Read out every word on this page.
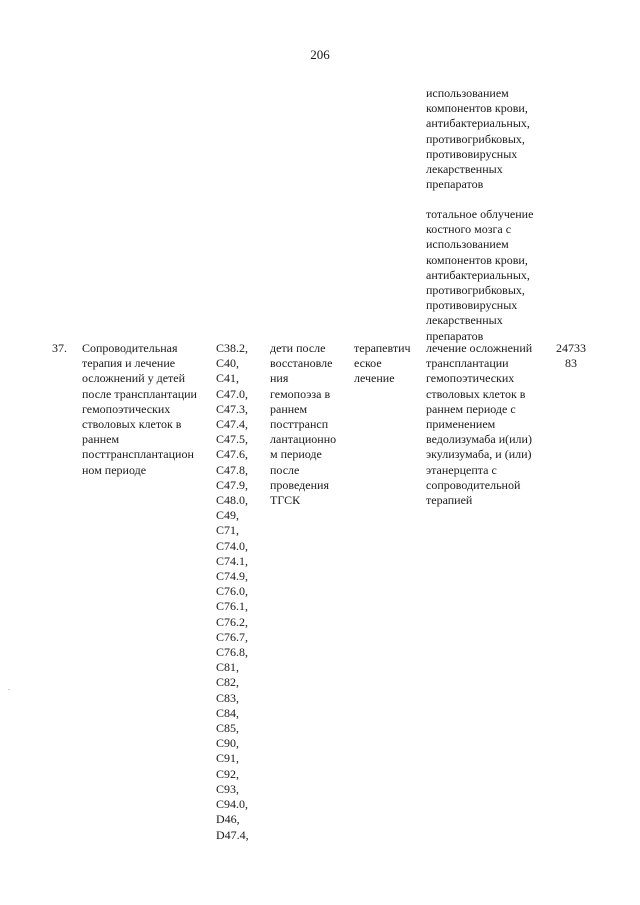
206
использованием
компонентов крови,
антибактериальных,
противогрибковых,
противовирусных
лекарственных
препаратов
тотальное облучение
костного мозга с
использованием
компонентов крови,
антибактериальных,
противогрибковых,
противовирусных
лекарственных
препаратов
37. Сопроводительная
терапия и лечение
осложнений у детей
после трансплантации
гемопоэтических
стволовых клеток в
раннем
посттрансплантацион
ном периоде
C38.2,
C40,
C41,
C47.0,
C47.3,
C47.4,
C47.5,
C47.6,
C47.8,
C47.9,
C48.0,
C49,
C71,
C74.0,
C74.1,
C74.9,
C76.0,
C76.1,
C76.2,
C76.7,
C76.8,
C81,
C82,
C83,
C84,
C85,
C90,
C91,
C92,
C93,
C94.0,
D46,
D47.4,
дети после
восстановле
ния
гемопоэза в
раннем
посттрансп
лантационно
м периоде
после
проведения
ТГСК
терапевтич
еское
лечение
лечение осложнений
трансплантации
гемопоэтических
стволовых клеток в
раннем периоде с
применением
ведолизумаба и(или)
экулизумаба, и (или)
этанерцепта с
сопроводительной
терапией
24733
83
.
